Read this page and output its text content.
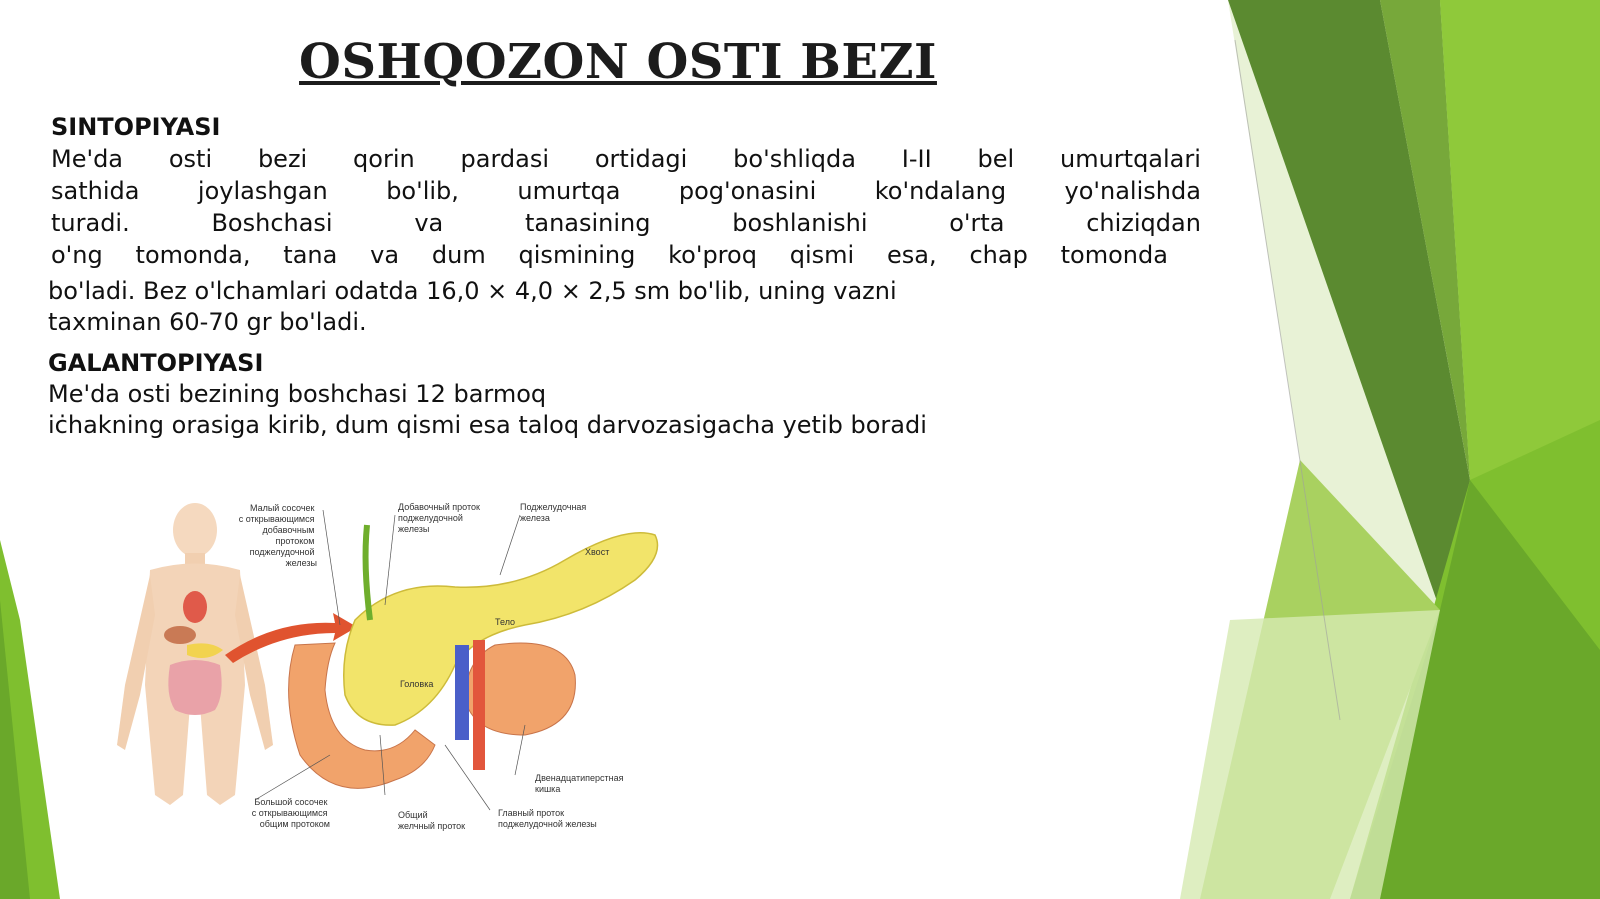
OSHQOZON OSTI BEZI
SINTOPIYASI
Me'da osti bezi qorin pardasi ortidagi bo'shliqda I-II bel umurtqalari
sathida joylashgan bo'lib, umurtqa pog'onasini ko'ndalang yo'nalishda
turadi.	Boshchasi	va	tanasining	boshlanishi	o'rta	chiziqdan
o'ng tomonda, tana va dum qismining ko'proq qismi esa, chap tomonda
bo'ladi. Bez o'lchamlari odatda 16,0 × 4,0 × 2,5 sm bo'lib, uning vazni
taxminan 60-70 gr bo'ladi.
GALANTOPIYASI
Me'da osti bezining boshchasi 12 barmoq
iċhakning orasiga kirib, dum qismi esa taloq darvozasigacha yetib boradi
Малый сосочек с открывающимся добавочным протоком поджелудочной железы
Добавочный проток поджелудочной железы
Поджелудочная железа
Хвост
Тело
Головка
Двенадцатиперстная кишка
Большой сосочек с открывающимся общим протоком
Общий желчный проток
Главный проток поджелудочной железы
